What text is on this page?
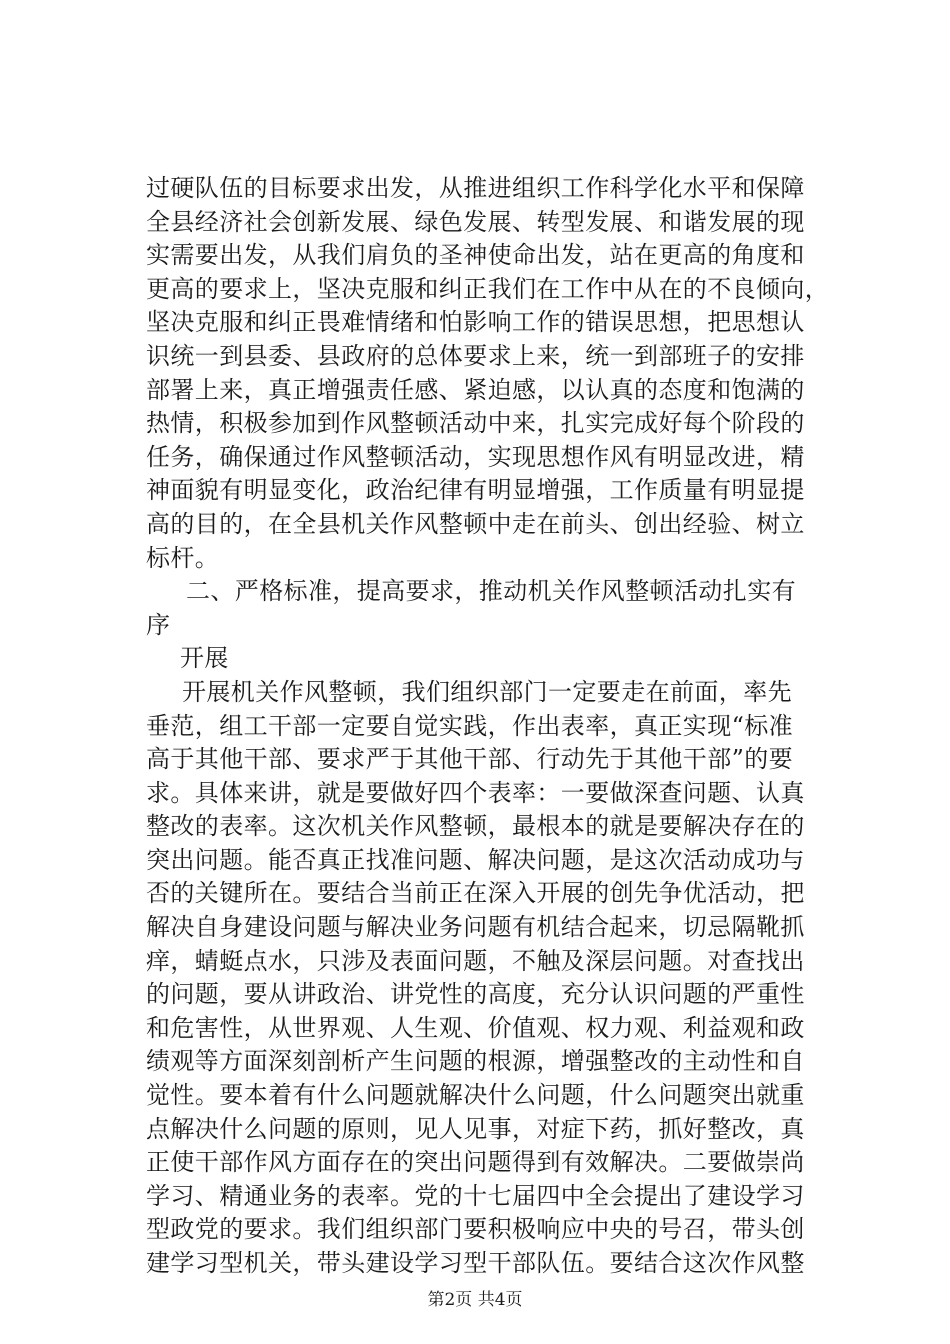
过硬队伍的目标要求出发，从推进组织工作科学化水平和保障
全县经济社会创新发展、绿色发展、转型发展、和谐发展的现
实需要出发，从我们肩负的圣神使命出发，站在更高的角度和
更高的要求上，坚决克服和纠正我们在工作中从在的不良倾向，
坚决克服和纠正畏难情绪和怕影响工作的错误思想，把思想认
识统一到县委、县政府的总体要求上来，统一到部班子的安排
部署上来，真正增强责任感、紧迫感，以认真的态度和饱满的
热情，积极参加到作风整顿活动中来，扎实完成好每个阶段的
任务，确保通过作风整顿活动，实现思想作风有明显改进，精
神面貌有明显变化，政治纪律有明显增强，工作质量有明显提
高的目的，在全县机关作风整顿中走在前头、创出经验、树立
标杆。
二、严格标准，提高要求，推动机关作风整顿活动扎实有
序
开展
开展机关作风整顿，我们组织部门一定要走在前面，率先
垂范，组工干部一定要自觉实践，作出表率，真正实现“标准
高于其他干部、要求严于其他干部、行动先于其他干部”的要
求。具体来讲，就是要做好四个表率：一要做深查问题、认真
整改的表率。这次机关作风整顿，最根本的就是要解决存在的
突出问题。能否真正找准问题、解决问题，是这次活动成功与
否的关键所在。要结合当前正在深入开展的创先争优活动，把
解决自身建设问题与解决业务问题有机结合起来，切忌隔靴抓
痒，蜻蜓点水，只涉及表面问题，不触及深层问题。对查找出
的问题，要从讲政治、讲党性的高度，充分认识问题的严重性
和危害性，从世界观、人生观、价值观、权力观、利益观和政
绩观等方面深刻剖析产生问题的根源，增强整改的主动性和自
觉性。要本着有什么问题就解决什么问题，什么问题突出就重
点解决什么问题的原则，见人见事，对症下药，抓好整改，真
正使干部作风方面存在的突出问题得到有效解决。二要做崇尚
学习、精通业务的表率。党的十七届四中全会提出了建设学习
型政党的要求。我们组织部门要积极响应中央的号召，带头创
建学习型机关，带头建设学习型干部队伍。要结合这次作风整
第2页 共4页
